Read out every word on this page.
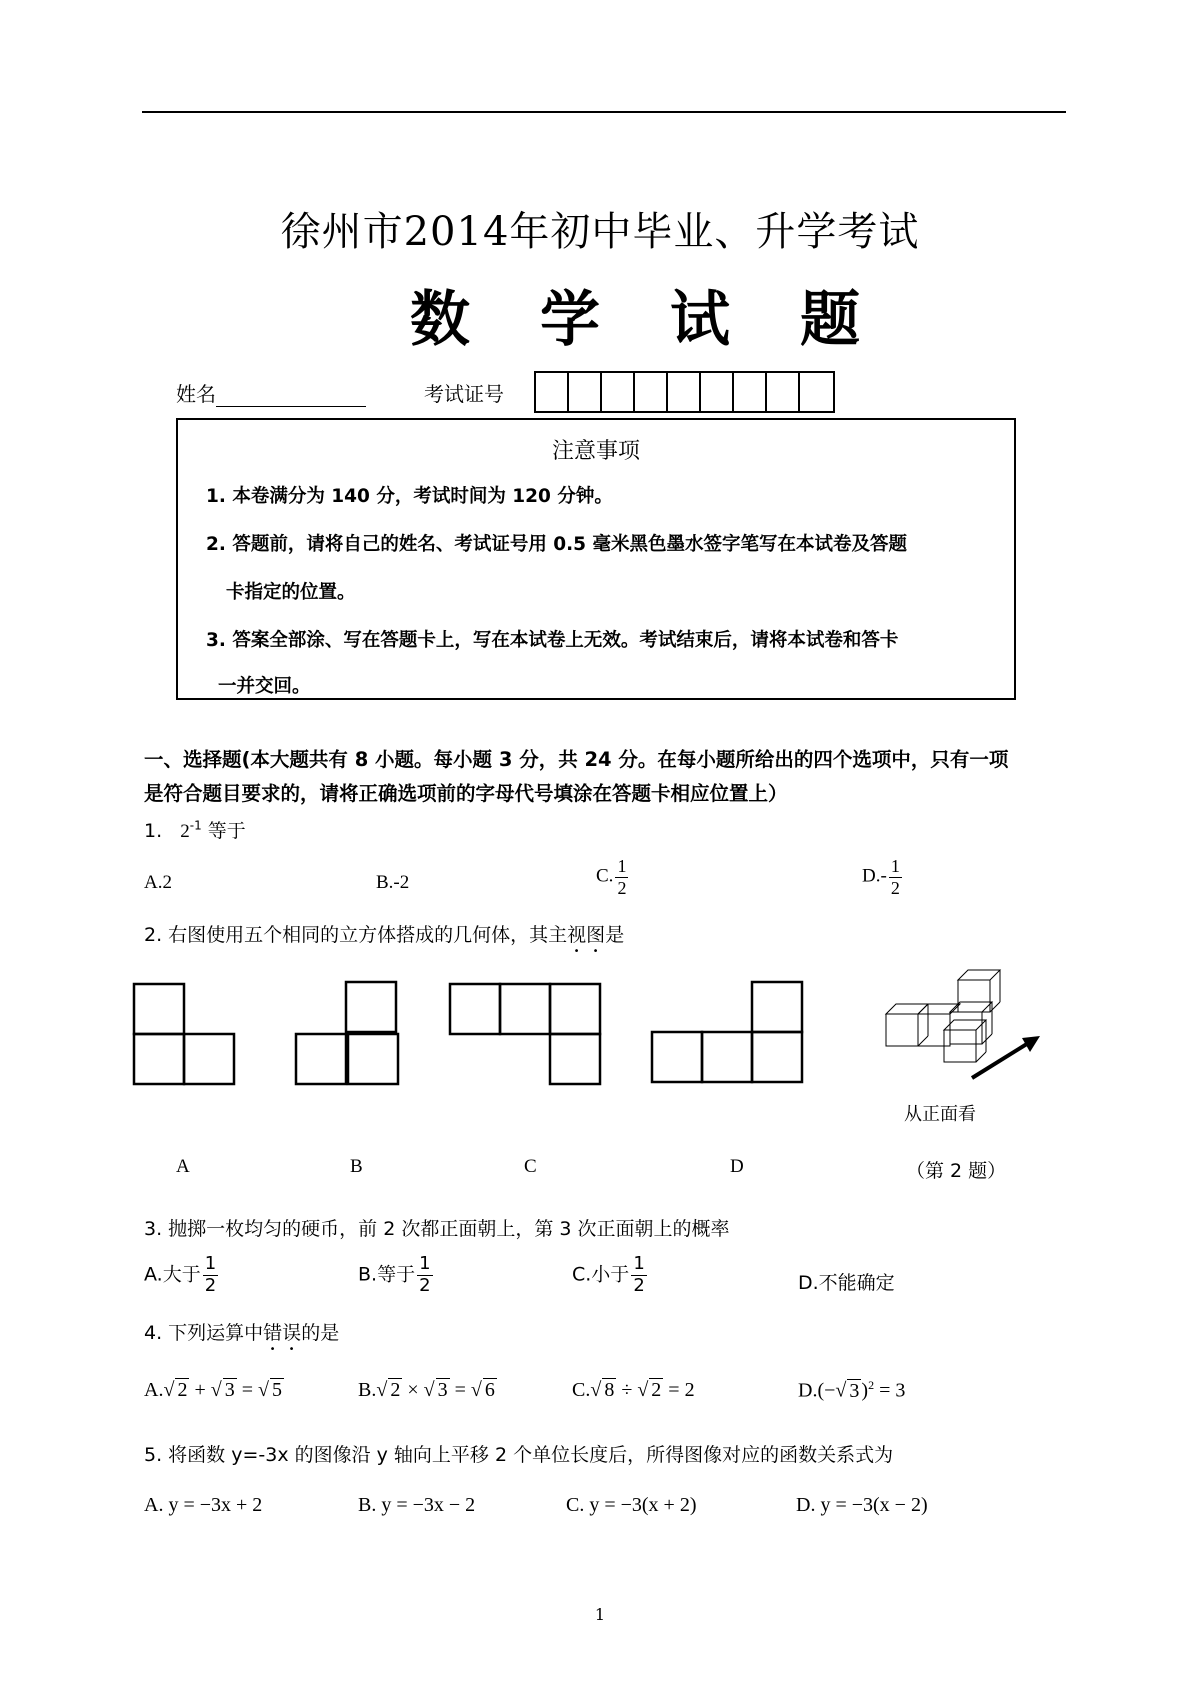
徐州市2014年初中毕业、升学考试
数学试题
姓名	考试证号
注意事项
1. 本卷满分为 140 分，考试时间为 120 分钟。
2. 答题前，请将自己的姓名、考试证号用 0.5 毫米黑色墨水签字笔写在本试卷及答题
卡指定的位置。
3. 答案全部涂、写在答题卡上，写在本试卷上无效。考试结束后，请将本试卷和答卡
一并交回。
一、选择题(本大题共有 8 小题。每小题 3 分，共 24 分。在每小题所给出的四个选项中，只有一项
是符合题目要求的，请将正确选项前的字母代号填涂在答题卡相应位置上）
1. $2^{-1}$ 等于
A.2	B.-2	C. $\frac{1}{2}$	$D.- \frac{1}{2}$
2. 右图使用五个相同的立方体搭成的几何体，其主视图是
从正面看
A	B	C	D	（第 2 题）
3. 抛掷一枚均匀的硬币，前 2 次都正面朝上，第 3 次正面朝上的概率
A.大于 $\frac{1}{2}$	B.等于 $\frac{1}{2}$	C.小于 $\frac{1}{2}$	D.不能确定
4. 下列运算中错误的是
A.√ 2 + √ 3 = √ 5	B.√ 2 × √ 3 = √ 6	C.√ 8 ÷ √ 2 = 2	D.(−√ 3 )$^2$ = 3
5. 将函数 y=-3x 的图像沿 y 轴向上平移 2 个单位长度后，所得图像对应的函数关系式为
A. y = −3x + 2	B. y = −3x − 2	C. y = −3(x + 2)	D. y = −3(x − 2)
1
